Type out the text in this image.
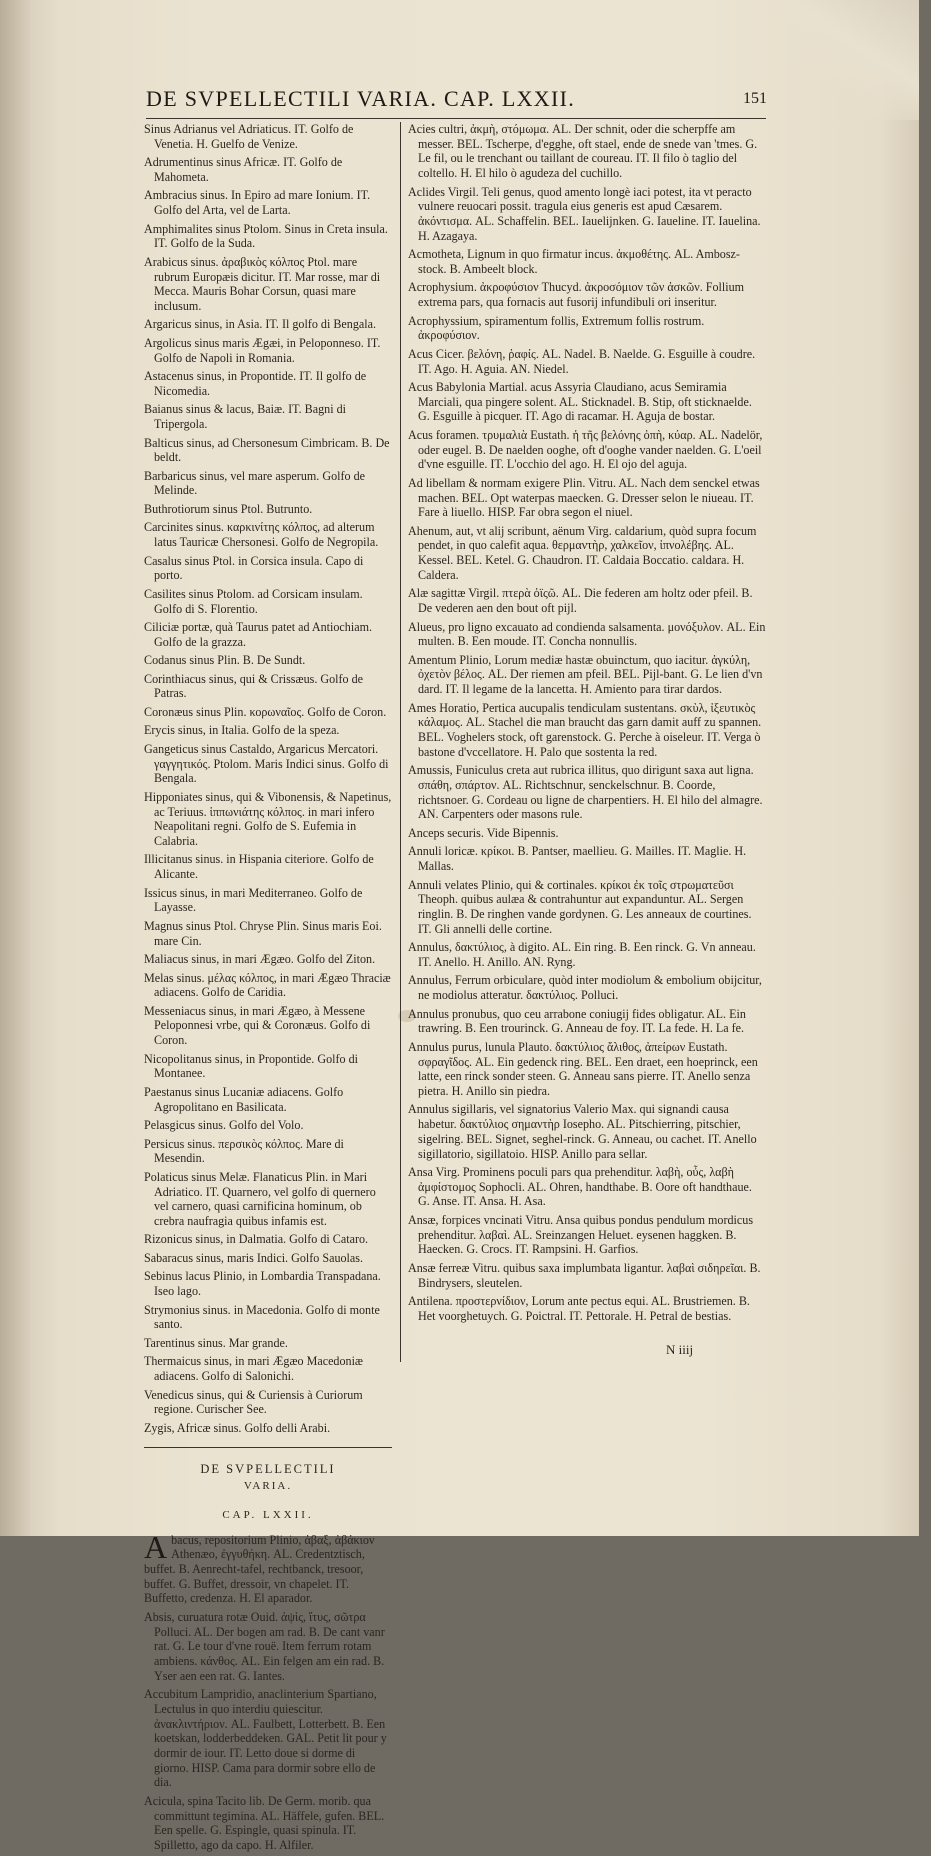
DE SVPELLECTILI VARIA. CAP. LXXII.	151
Sinus Adrianus vel Adriaticus. IT. Golfo de Venetia. H. Guelfo de Venize.
Adrumentinus sinus Africæ. IT. Golfo de Mahometa.
Ambracius sinus. In Epiro ad mare Ionium. IT. Golfo del Arta, vel de Larta.
Amphimalites sinus Ptolom. Sinus in Creta insula. IT. Golfo de la Suda.
Arabicus sinus. ἀραβικὸς κόλπος Ptol. mare rubrum Europæis dicitur. IT. Mar rosse, mar di Mecca. Mauris Bohar Corsun, quasi mare inclusum.
Argaricus sinus, in Asia. IT. Il golfo di Bengala.
Argolicus sinus maris Ægæi, in Peloponneso. IT. Golfo de Napoli in Romania.
Astacenus sinus, in Propontide. IT. Il golfo de Nicomedia.
Baianus sinus & lacus, Baiæ. IT. Bagni di Tripergola.
Balticus sinus, ad Chersonesum Cimbricam. B. De beldt.
Barbaricus sinus, vel mare asperum. Golfo de Melinde.
Buthrotiorum sinus Ptol. Butrunto.
Carcinites sinus. καρκινίτης κόλπος, ad alterum latus Tauricæ Chersonesi. Golfo de Negropila.
Casalus sinus Ptol. in Corsica insula. Capo di porto.
Casilites sinus Ptolom. ad Corsicam insulam. Golfo di S. Florentio.
Ciliciæ portæ, quà Taurus patet ad Antiochiam. Golfo de la grazza.
Codanus sinus Plin. B. De Sundt.
Corinthiacus sinus, qui & Crissæus. Golfo de Patras.
Coronæus sinus Plin. κορωναῖος. Golfo de Coron.
Erycis sinus, in Italia. Golfo de la speza.
Gangeticus sinus Castaldo, Argaricus Mercatori. γαγγητικός. Ptolom. Maris Indici sinus. Golfo di Bengala.
Hipponiates sinus, qui & Vibonensis, & Napetinus, ac Teriuus. ἱππωνιάτης κόλπος. in mari infero Neapolitani regni. Golfo de S. Eufemia in Calabria.
Illicitanus sinus. in Hispania citeriore. Golfo de Alicante.
Issicus sinus, in mari Mediterraneo. Golfo de Layasse.
Magnus sinus Ptol. Chryse Plin. Sinus maris Eoi. mare Cin.
Maliacus sinus, in mari Ægæo. Golfo del Ziton.
Melas sinus. μέλας κόλπος, in mari Ægæo Thraciæ adiacens. Golfo de Caridia.
Messeniacus sinus, in mari Ægæo, à Messene Peloponnesi vrbe, qui & Coronæus. Golfo di Coron.
Nicopolitanus sinus, in Propontide. Golfo di Montanee.
Paestanus sinus Lucaniæ adiacens. Golfo Agropolitano en Basilicata.
Pelasgicus sinus. Golfo del Volo.
Persicus sinus. περσικὸς κόλπος. Mare di Mesendin.
Polaticus sinus Melæ. Flanaticus Plin. in Mari Adriatico. IT. Quarnero, vel golfo di quernero vel carnero, quasi carnificina hominum, ob crebra naufragia quibus infamis est.
Rizonicus sinus, in Dalmatia. Golfo di Cataro.
Sabaracus sinus, maris Indici. Golfo Sauolas.
Sebinus lacus Plinio, in Lombardia Transpadana. Iseo lago.
Strymonius sinus. in Macedonia. Golfo di monte santo.
Tarentinus sinus. Mar grande.
Thermaicus sinus, in mari Ægæo Macedoniæ adiacens. Golfo di Salonichi.
Venedicus sinus, qui & Curiensis à Curiorum regione. Curischer See.
Zygis, Africæ sinus. Golfo delli Arabi.
DE SVPELLECTILI
VARIA.
CAP. LXXII.
Abacus, repositorium Plinio, ἀβαξ, ἀβάκιον Athenæo, ἐγγυθήκη. AL. Credentztisch, buffet. B. Aenrecht-tafel, rechtbanck, tresoor, buffet. G. Buffet, dressoir, vn chapelet. IT. Buffetto, credenza. H. El aparador.
Absis, curuatura rotæ Ouid. ἀψὶς, ἴτυς, σῶτρα Polluci. AL. Der bogen am rad. B. De cant vanr rat. G. Le tour d'vne rouë. Item ferrum rotam ambiens. κάνθος. AL. Ein felgen am ein rad. B. Yser aen een rat. G. Iantes.
Accubitum Lampridio, anaclinterium Spartiano, Lectulus in quo interdiu quiescitur. ἀνακλιντήριον. AL. Faulbett, Lotterbett. B. Een koetskan, lodderbeddeken. GAL. Petit lit pour y dormir de iour. IT. Letto doue si dorme di giorno. HISP. Cama para dormir sobre ello de dia.
Acicula, spina Tacito lib. De Germ. morib. qua committunt tegimina. AL. Häffele, gufen. BEL. Een spelle. G. Espingle, quasi spinula. IT. Spilletto, ago da capo. H. Alfiler.
Acies cultri, ἀκμὴ, στόμωμα. AL. Der schnit, oder die scherpffe am messer. BEL. Tscherpe, d'egghe, oft stael, ende de snede van 'tmes. G. Le fil, ou le trenchant ou taillant de coureau. IT. Il filo ò taglio del coltello. H. El hilo ò agudeza del cuchillo.
Aclides Virgil. Teli genus, quod amento longè iaci potest, ita vt peracto vulnere reuocari possit. tragula eius generis est apud Cæsarem. ἀκόντισμα. AL. Schaffelin. BEL. Iauelijnken. G. Iaueline. IT. Iauelina. H. Azagaya.
Acmotheta, Lignum in quo firmatur incus. ἀκμοθέτης. AL. Ambosz-stock. B. Ambeelt block.
Acrophysium. ἀκροφύσιον Thucyd. ἀκροσόμιον τῶν ἀσκῶν. Follium extrema pars, qua fornacis aut fusorij infundibuli ori inseritur.
Acrophyssium, spiramentum follis, Extremum follis rostrum. ἀκροφύσιον.
Acus Cicer. βελόνη, ῥαφίς. AL. Nadel. B. Naelde. G. Esguille à coudre. IT. Ago. H. Aguia. AN. Niedel.
Acus Babylonia Martial. acus Assyria Claudiano, acus Semiramia Marciali, qua pingere solent. AL. Sticknadel. B. Stip, oft sticknaelde. G. Esguille à picquer. IT. Ago di racamar. H. Aguja de bostar.
Acus foramen. τρυμαλιὰ Eustath. ἡ τῆς βελόνης ὀπὴ, κύαρ. AL. Nadelör, oder eugel. B. De naelden ooghe, oft d'ooghe vander naelden. G. L'oeil d'vne esguille. IT. L'occhio del ago. H. El ojo del aguja.
Ad libellam & normam exigere Plin. Vitru. AL. Nach dem senckel etwas machen. BEL. Opt waterpas maecken. G. Dresser selon le niueau. IT. Fare à liuello. HISP. Far obra segon el niuel.
Ahenum, aut, vt alij scribunt, aënum Virg. caldarium, quòd supra focum pendet, in quo calefit aqua. θερμαντὴρ, χαλκεῖον, ἰπνολέβης. AL. Kessel. BEL. Ketel. G. Chaudron. IT. Caldaia Boccatio. caldara. H. Caldera.
Alæ sagittæ Virgil. πτερὰ ὀϊςῶ. AL. Die federen am holtz oder pfeil. B. De vederen aen den bout oft pijl.
Alueus, pro ligno excauato ad condienda salsamenta. μονόξυλον. AL. Ein multen. B. Een moude. IT. Concha nonnullis.
Amentum Plinio, Lorum mediæ hastæ obuinctum, quo iacitur. ἀγκύλη, ὀχετὸν βέλος. AL. Der riemen am pfeil. BEL. Pijl-bant. G. Le lien d'vn dard. IT. Il legame de la lancetta. H. Amiento para tirar dardos.
Ames Horatio, Pertica aucupalis tendiculam sustentans. σκὺλ, ἰξευτικὸς κάλαμος. AL. Stachel die man braucht das garn damit auff zu spannen. BEL. Voghelers stock, oft garenstock. G. Perche à oiseleur. IT. Verga ò bastone d'vccellatore. H. Palo que sostenta la red.
Amussis, Funiculus creta aut rubrica illitus, quo dirigunt saxa aut ligna. σπάθη, σπάρτον. AL. Richtschnur, senckelschnur. B. Coorde, richtsnoer. G. Cordeau ou ligne de charpentiers. H. El hilo del almagre. AN. Carpenters oder masons rule.
Anceps securis. Vide Bipennis.
Annuli loricæ. κρίκοι. B. Pantser, maellieu. G. Mailles. IT. Maglie. H. Mallas.
Annuli velates Plinio, qui & cortinales. κρίκοι ἐκ τοῖς στρωματεῦσι Theoph. quibus aulæa & contrahuntur aut expanduntur. AL. Sergen ringlin. B. De ringhen vande gordynen. G. Les anneaux de courtines. IT. Gli annelli delle cortine.
Annulus, δακτύλιος, à digito. AL. Ein ring. B. Een rinck. G. Vn anneau. IT. Anello. H. Anillo. AN. Ryng.
Annulus, Ferrum orbiculare, quòd inter modiolum & embolium obijcitur, ne modiolus atteratur. δακτύλιος. Polluci.
Annulus pronubus, quo ceu arrabone coniugij fides obligatur. AL. Ein trawring. B. Een trourinck. G. Anneau de foy. IT. La fede. H. La fe.
Annulus purus, lunula Plauto. δακτύλιος ἄλιθος, ἀπείρων Eustath. σφραγῖδος. AL. Ein gedenck ring. BEL. Een draet, een hoeprinck, een latte, een rinck sonder steen. G. Anneau sans pierre. IT. Anello senza pietra. H. Anillo sin piedra.
Annulus sigillaris, vel signatorius Valerio Max. qui signandi causa habetur. δακτύλιος σημαντὴρ Iosepho. AL. Pitschierring, pitschier, sigelring. BEL. Signet, seghel-rinck. G. Anneau, ou cachet. IT. Anello sigillatorio, sigillatoio. HISP. Anillo para sellar.
Ansa Virg. Prominens poculi pars qua prehenditur. λαβὴ, οὖς, λαβὴ ἀμφίστομος Sophocli. AL. Ohren, handthabe. B. Oore oft handthaue. G. Anse. IT. Ansa. H. Asa.
Ansæ, forpices vncinati Vitru. Ansa quibus pondus pendulum mordicus prehenditur. λαβαὶ. AL. Sreinzangen Heluet. eysenen haggken. B. Haecken. G. Crocs. IT. Rampsini. H. Garfios.
Ansæ ferreæ Vitru. quibus saxa implumbata ligantur. λαβαὶ σιδηρεῖαι. B. Bindrysers, sleutelen.
Antilena. προστερνίδιον, Lorum ante pectus equi. AL. Brustriemen. B. Het voorghetuych. G. Poictral. IT. Pettorale. H. Petral de bestias.
N iiij
